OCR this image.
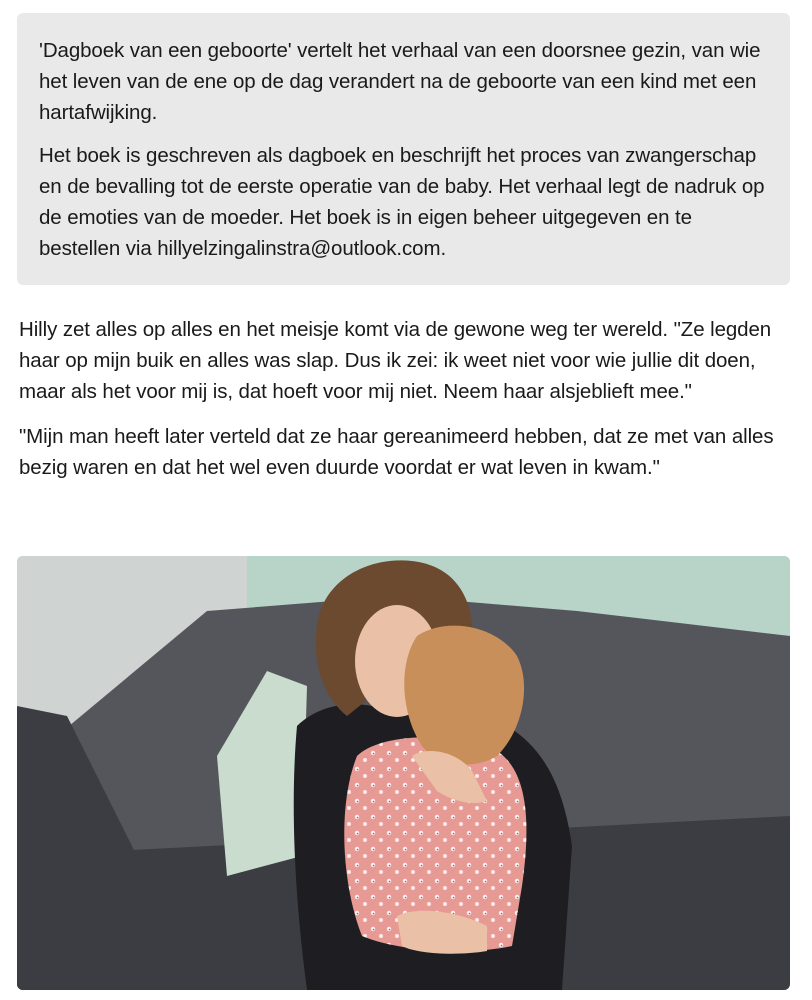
'Dagboek van een geboorte' vertelt het verhaal van een doorsnee gezin, van wie het leven van de ene op de dag verandert na de geboorte van een kind met een hartafwijking.

Het boek is geschreven als dagboek en beschrijft het proces van zwangerschap en de bevalling tot de eerste operatie van de baby. Het verhaal legt de nadruk op de emoties van de moeder. Het boek is in eigen beheer uitgegeven en te bestellen via hillyelzingalinstra@outlook.com.

Hilly zet alles op alles en het meisje komt via de gewone weg ter wereld. "Ze legden haar op mijn buik en alles was slap. Dus ik zei: ik weet niet voor wie jullie dit doen, maar als het voor mij is, dat hoeft voor mij niet. Neem haar alsjeblieft mee."

"Mijn man heeft later verteld dat ze haar gereanimeerd hebben, dat ze met van alles bezig waren en dat het wel even duurde voordat er wat leven in kwam."
